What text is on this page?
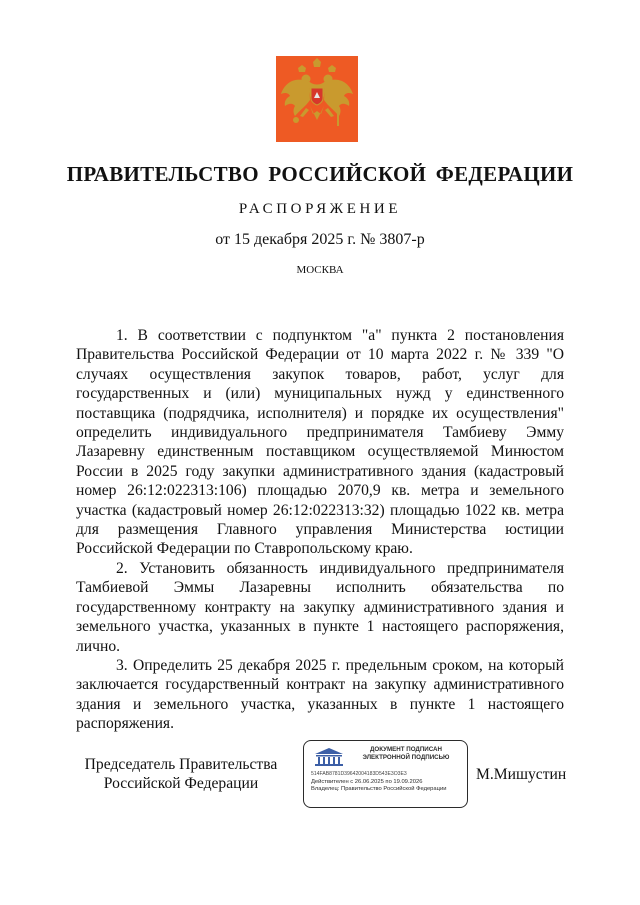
ПРАВИТЕЛЬСТВО РОССИЙСКОЙ ФЕДЕРАЦИИ
РАСПОРЯЖЕНИЕ
от 15 декабря 2025 г. № 3807-р
МОСКВА

1. В соответствии с подпунктом "а" пункта 2 постановления Правительства Российской Федерации от 10 марта 2022 г. № 339 "О случаях осуществления закупок товаров, работ, услуг для государственных и (или) муниципальных нужд у единственного поставщика (подрядчика, исполнителя) и порядке их осуществления" определить индивидуального предпринимателя Тамбиеву Эмму Лазаревну единственным поставщиком осуществляемой Минюстом России в 2025 году закупки административного здания (кадастровый номер 26:12:022313:106) площадью 2070,9 кв. метра и земельного участка (кадастровый номер 26:12:022313:32) площадью 1022 кв. метра для размещения Главного управления Министерства юстиции Российской Федерации по Ставропольскому краю.

2. Установить обязанность индивидуального предпринимателя Тамбиевой Эммы Лазаревны исполнить обязательства по государственному контракту на закупку административного здания и земельного участка, указанных в пункте 1 настоящего распоряжения, лично.

3. Определить 25 декабря 2025 г. предельным сроком, на который заключается государственный контракт на закупку административного здания и земельного участка, указанных в пункте 1 настоящего распоряжения.

Председатель Правительства
Российской Федерации
ДОКУМЕНТ ПОДПИСАН
ЭЛЕКТРОННОЙ ПОДПИСЬЮ
514FAB8781D39642004183D543E3O3E3
Действителен с 26.06.2025 по 19.09.2026
Владелец: Правительство Российской Федерации
М.Мишустин
